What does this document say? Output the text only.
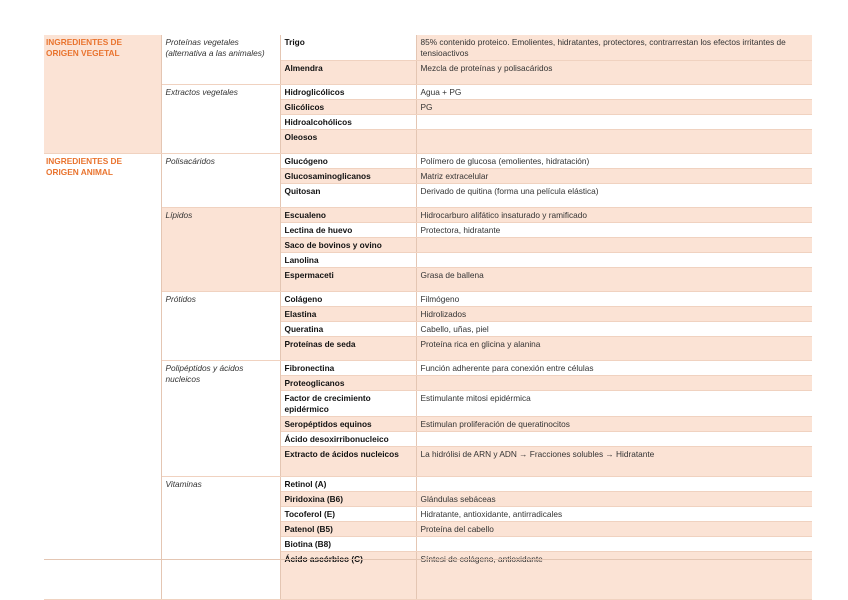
INGREDIENTES DE ORIGEN VEGETAL	Proteínas vegetales (alternativa a las animales)	Trigo	85% contenido proteico. Emolientes, hidratantes, protectores, contrarrestan los efectos irritantes de tensioactivos
		Almendra	Mezcla de proteínas y polisacáridos
	Extractos vegetales	Hidroglicólicos	Agua + PG
		Glicólicos	PG
		Hidroalcohólicos	
		Oleosos	
INGREDIENTES DE ORIGEN ANIMAL	Polisacáridos	Glucógeno	Polímero de glucosa (emolientes, hidratación)
		Glucosaminoglicanos	Matriz extracelular
		Quitosan	Derivado de quitina (forma una película elástica)
	Lípidos	Escualeno	Hidrocarburo alifático insaturado y ramificado
		Lectina de huevo	Protectora, hidratante
		Saco de bovinos y ovino	
		Lanolina	
		Espermaceti	Grasa de ballena
	Prótidos	Colágeno	Filmógeno
		Elastina	Hidrolizados
		Queratina	Cabello, uñas, piel
		Proteínas de seda	Proteína rica en glicina y alanina
	Polipéptidos y ácidos nucleicos	Fibronectina	Función adherente para conexión entre células
		Proteoglicanos	
		Factor de crecimiento epidérmico	Estimulante mitosi epidérmica
		Seropéptidos equinos	Estimulan proliferación de queratinocitos
		Ácido desoxirribonucleico	
		Extracto de ácidos nucleicos	La hidrólisi de ARN y ADN → Fracciones solubles → Hidratante
	Vitaminas	Retinol (A)	
		Piridoxina (B6)	Glándulas sebáceas
		Tocoferol (E)	Hidratante, antioxidante, antirradicales
		Patenol (B5)	Proteína del cabello
		Biotina (B8)	
		Ácido ascórbico (C)	Síntesi de colágeno, antioxidante
